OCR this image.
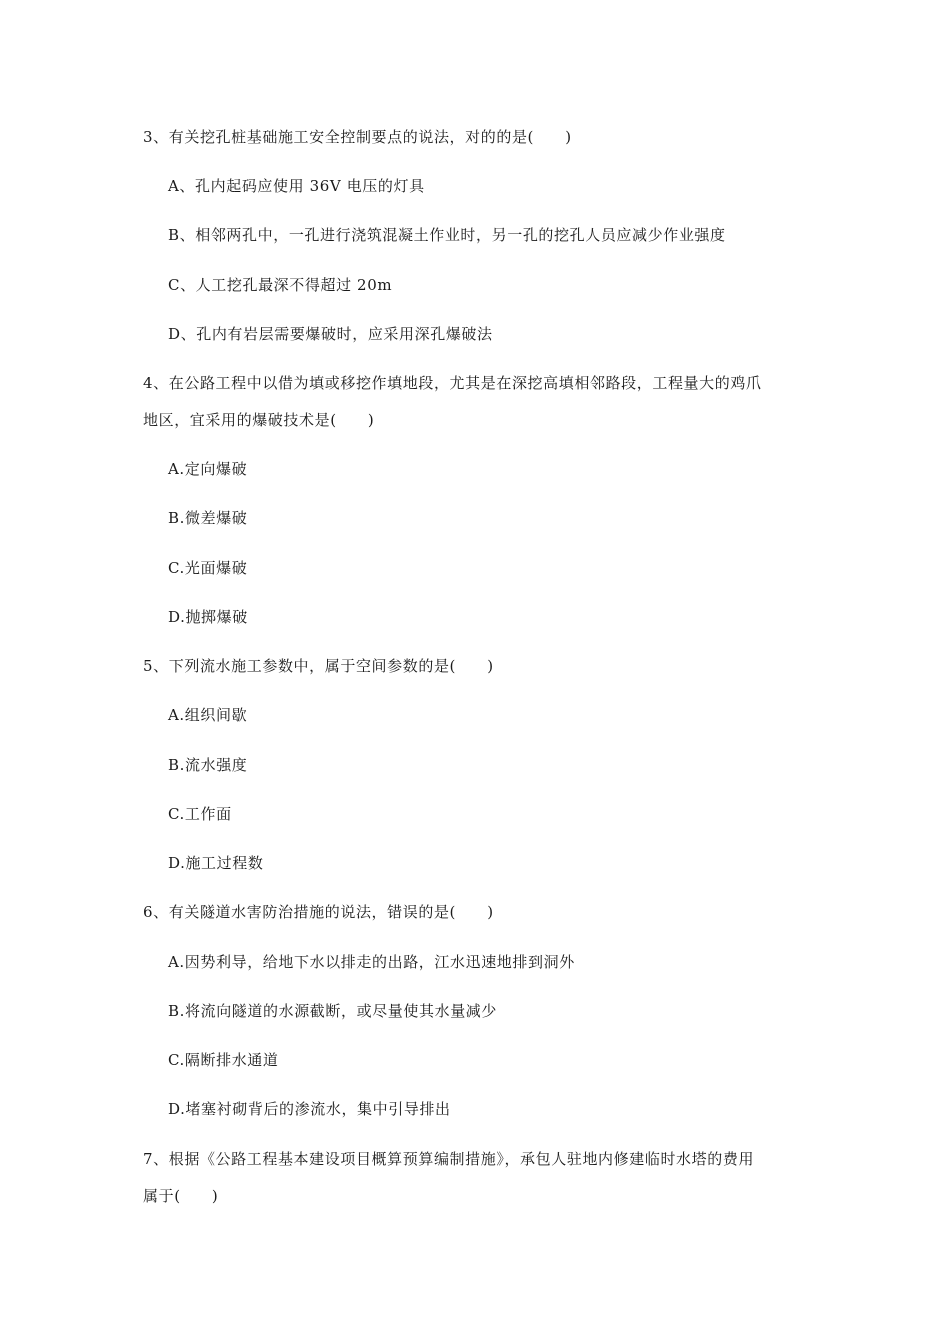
3、有关挖孔桩基础施工安全控制要点的说法，对的的是(　　)
A、孔内起码应使用 36V 电压的灯具
B、相邻两孔中，一孔进行浇筑混凝土作业时，另一孔的挖孔人员应减少作业强度
C、人工挖孔最深不得超过 20m
D、孔内有岩层需要爆破时，应采用深孔爆破法
4、在公路工程中以借为填或移挖作填地段，尤其是在深挖高填相邻路段，工程量大的鸡爪
地区，宜采用的爆破技术是(　　)
A.定向爆破
B.微差爆破
C.光面爆破
D.抛掷爆破
5、下列流水施工参数中，属于空间参数的是(　　)
A.组织间歇
B.流水强度
C.工作面
D.施工过程数
6、有关隧道水害防治措施的说法，错误的是(　　)
A.因势利导，给地下水以排走的出路，江水迅速地排到洞外
B.将流向隧道的水源截断，或尽量使其水量减少
C.隔断排水通道
D.堵塞衬砌背后的渗流水，集中引导排出
7、根据《公路工程基本建设项目概算预算编制措施》，承包人驻地内修建临时水塔的费用
属于(　　)
